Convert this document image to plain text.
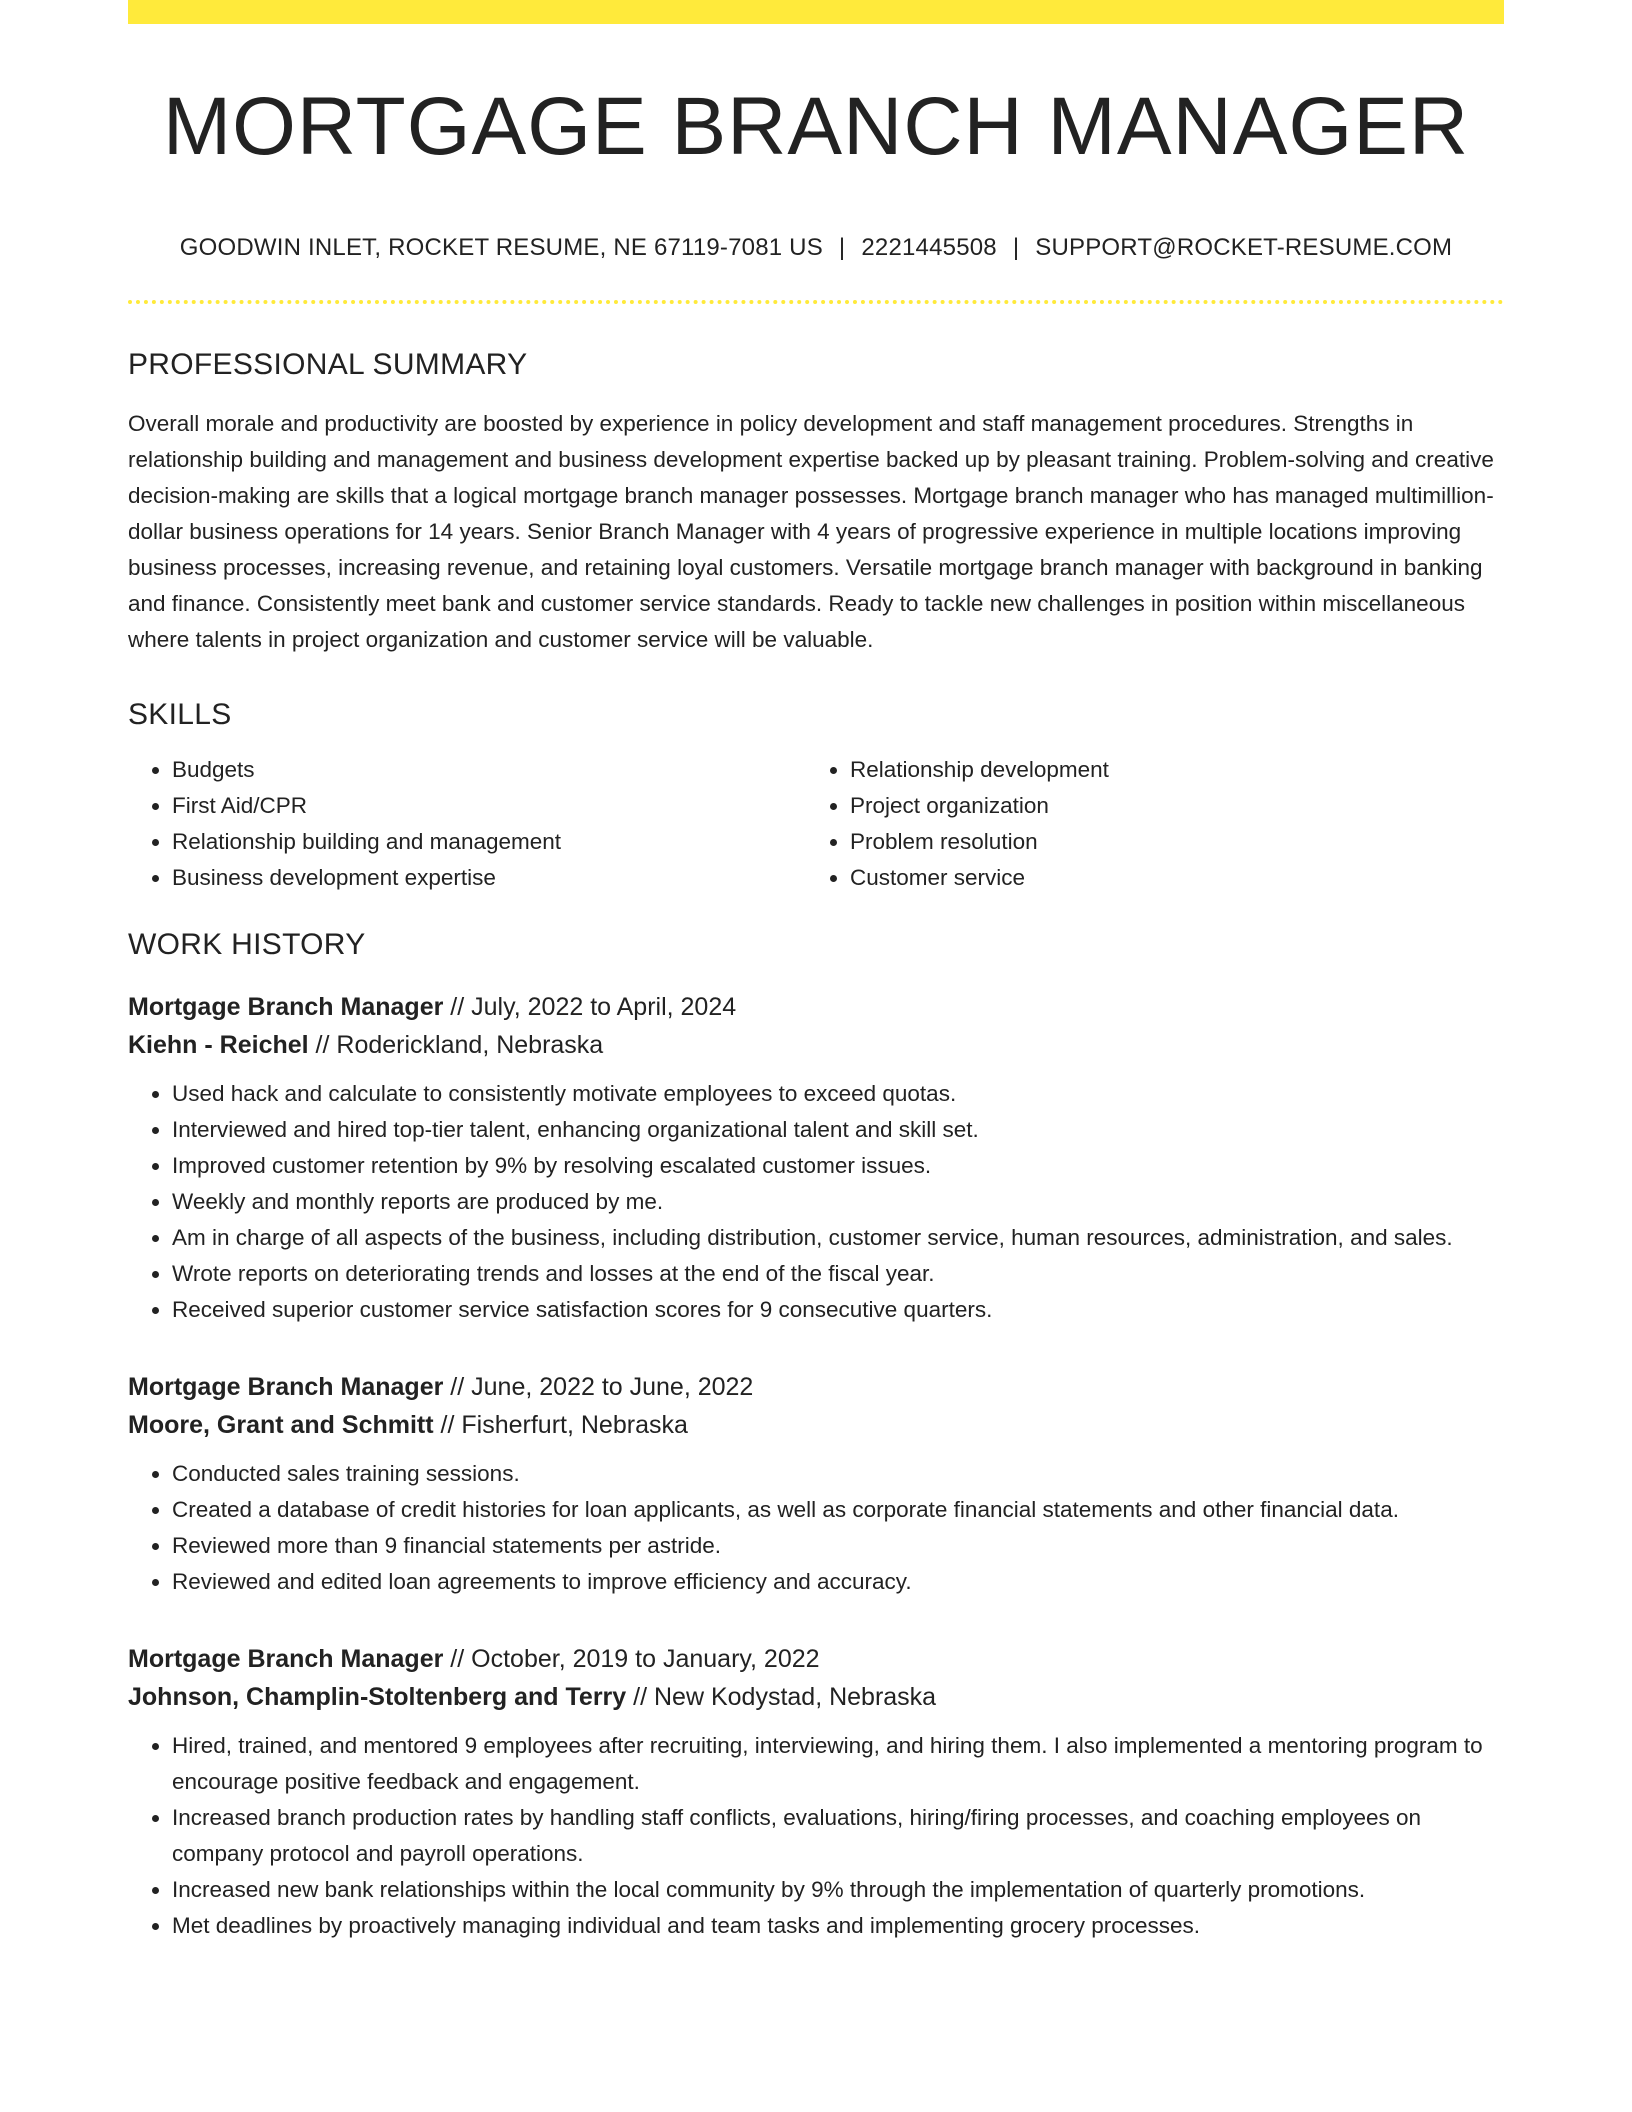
MORTGAGE BRANCH MANAGER
GOODWIN INLET, ROCKET RESUME, NE 67119-7081 US | 2221445508 | SUPPORT@ROCKET-RESUME.COM
PROFESSIONAL SUMMARY

Overall morale and productivity are boosted by experience in policy development and staff management procedures. Strengths in relationship building and management and business development expertise backed up by pleasant training. Problem-solving and creative decision-making are skills that a logical mortgage branch manager possesses. Mortgage branch manager who has managed multimillion-dollar business operations for 14 years. Senior Branch Manager with 4 years of progressive experience in multiple locations improving business processes, increasing revenue, and retaining loyal customers. Versatile mortgage branch manager with background in banking and finance. Consistently meet bank and customer service standards. Ready to tackle new challenges in position within miscellaneous where talents in project organization and customer service will be valuable.

SKILLS
• Budgets
• First Aid/CPR
• Relationship building and management
• Business development expertise
• Relationship development
• Project organization
• Problem resolution
• Customer service
WORK HISTORY
Mortgage Branch Manager // July, 2022 to April, 2024
Kiehn - Reichel // Roderickland, Nebraska
• Used hack and calculate to consistently motivate employees to exceed quotas.
• Interviewed and hired top-tier talent, enhancing organizational talent and skill set.
• Improved customer retention by 9% by resolving escalated customer issues.
• Weekly and monthly reports are produced by me.
• Am in charge of all aspects of the business, including distribution, customer service, human resources, administration, and sales.
• Wrote reports on deteriorating trends and losses at the end of the fiscal year.
• Received superior customer service satisfaction scores for 9 consecutive quarters.
Mortgage Branch Manager // June, 2022 to June, 2022
Moore, Grant and Schmitt // Fisherfurt, Nebraska
• Conducted sales training sessions.
• Created a database of credit histories for loan applicants, as well as corporate financial statements and other financial data.
• Reviewed more than 9 financial statements per astride.
• Reviewed and edited loan agreements to improve efficiency and accuracy.
Mortgage Branch Manager // October, 2019 to January, 2022
Johnson, Champlin-Stoltenberg and Terry // New Kodystad, Nebraska
• Hired, trained, and mentored 9 employees after recruiting, interviewing, and hiring them. I also implemented a mentoring program to encourage positive feedback and engagement.
• Increased branch production rates by handling staff conflicts, evaluations, hiring/firing processes, and coaching employees on company protocol and payroll operations.
• Increased new bank relationships within the local community by 9% through the implementation of quarterly promotions.
• Met deadlines by proactively managing individual and team tasks and implementing grocery processes.
